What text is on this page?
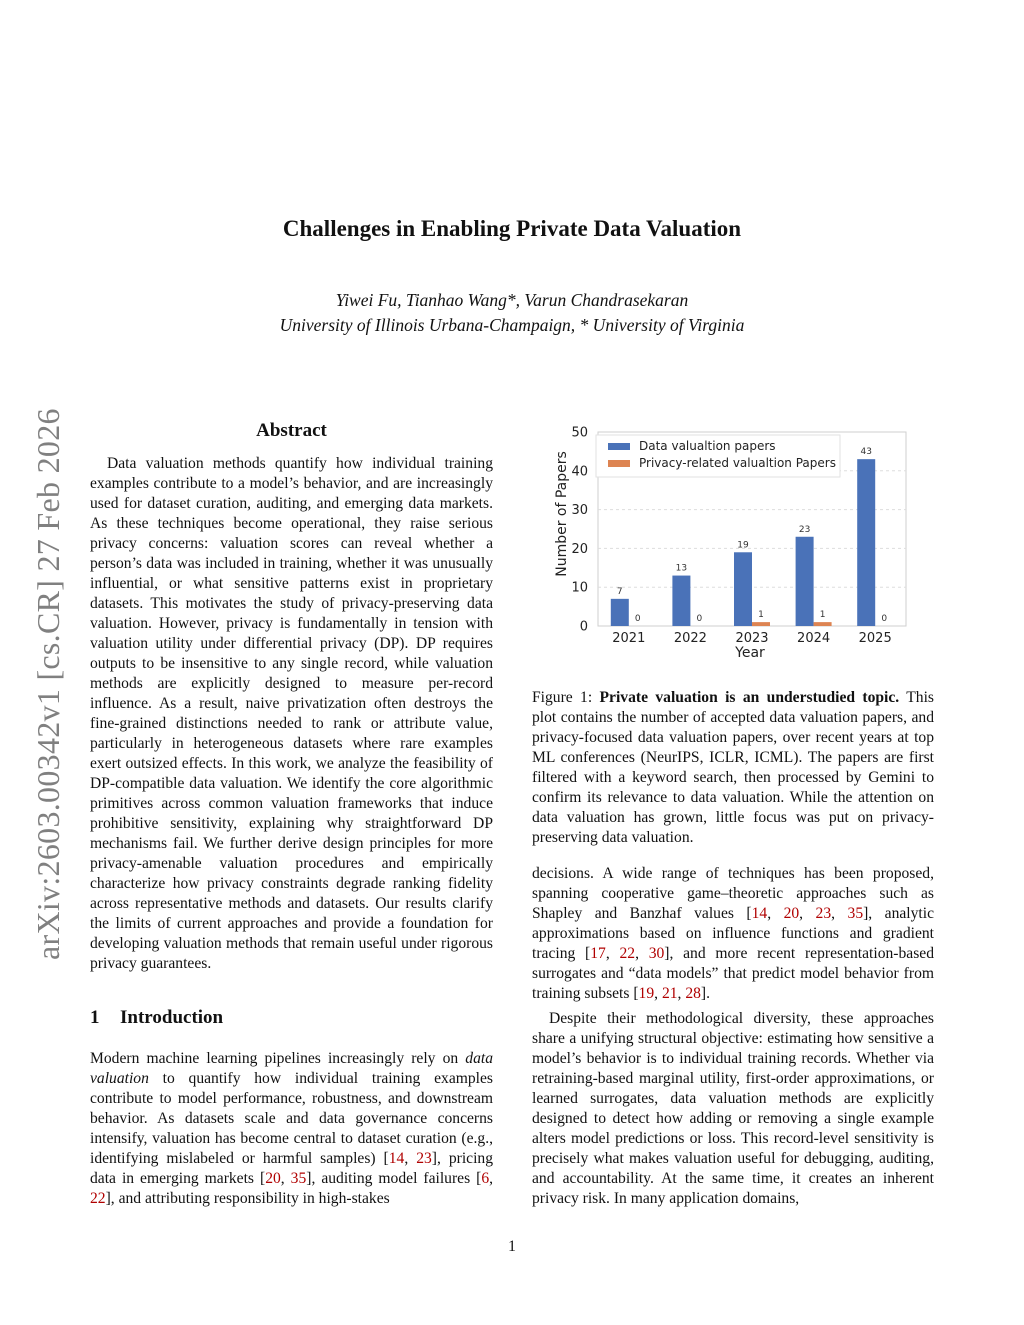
arXiv:2603.00342v1 [cs.CR] 27 Feb 2026
Challenges in Enabling Private Data Valuation
Yiwei Fu, Tianhao Wang*, Varun Chandrasekaran
University of Illinois Urbana-Champaign, * University of Virginia
Abstract

Data valuation methods quantify how individual training examples contribute to a model’s behavior, and are increasingly used for dataset curation, auditing, and emerging data markets. As these techniques become operational, they raise serious privacy concerns: valuation scores can reveal whether a person’s data was included in training, whether it was unusually influential, or what sensitive patterns exist in proprietary datasets. This motivates the study of privacy-preserving data valuation. However, privacy is fundamentally in tension with valuation utility under differential privacy (DP). DP requires outputs to be insensitive to any single record, while valuation methods are explicitly designed to measure per-record influence. As a result, naive privatization often destroys the fine-grained distinctions needed to rank or attribute value, particularly in heterogeneous datasets where rare examples exert outsized effects. In this work, we analyze the feasibility of DP-compatible data valuation. We identify the core algorithmic primitives across common valuation frameworks that induce prohibitive sensitivity, explaining why straightforward DP mechanisms fail. We further derive design principles for more privacy-amenable valuation procedures and empirically characterize how privacy constraints degrade ranking fidelity across representative methods and datasets. Our results clarify the limits of current approaches and provide a foundation for developing valuation methods that remain useful under rigorous privacy guarantees.

1 Introduction

Modern machine learning pipelines increasingly rely on data valuation to quantify how individual training examples contribute to model performance, robustness, and downstream behavior. As datasets scale and data governance concerns intensify, valuation has become central to dataset curation (e.g., identifying mislabeled or harmful samples) [14, 23], pricing data in emerging markets [20, 35], auditing model failures [6, 22], and attributing responsibility in high-stakes

0
10
20
30
40
50
7
0
2021
13
0
2022
19
1
2023
23
1
2024
43
0
2025
Data valualtion papers
Privacy-related valualtion Papers
Year
Number of Papers

Figure 1: Private valuation is an understudied topic. This plot contains the number of accepted data valuation papers, and privacy-focused data valuation papers, over recent years at top ML conferences (NeurIPS, ICLR, ICML). The papers are first filtered with a keyword search, then processed by Gemini to confirm its relevance to data valuation. While the attention on data valuation has grown, little focus was put on privacy-preserving data valuation.

decisions. A wide range of techniques has been proposed, spanning cooperative game–theoretic approaches such as Shapley and Banzhaf values [14, 20, 23, 35], analytic approximations based on influence functions and gradient tracing [17, 22, 30], and more recent representation-based surrogates and “data models” that predict model behavior from training subsets [19, 21, 28].

Despite their methodological diversity, these approaches share a unifying structural objective: estimating how sensitive a model’s behavior is to individual training records. Whether via retraining-based marginal utility, first-order approximations, or learned surrogates, data valuation methods are explicitly designed to detect how adding or removing a single example alters model predictions or loss. This record-level sensitivity is precisely what makes valuation useful for debugging, auditing, and accountability. At the same time, it creates an inherent privacy risk. In many application domains,

1
